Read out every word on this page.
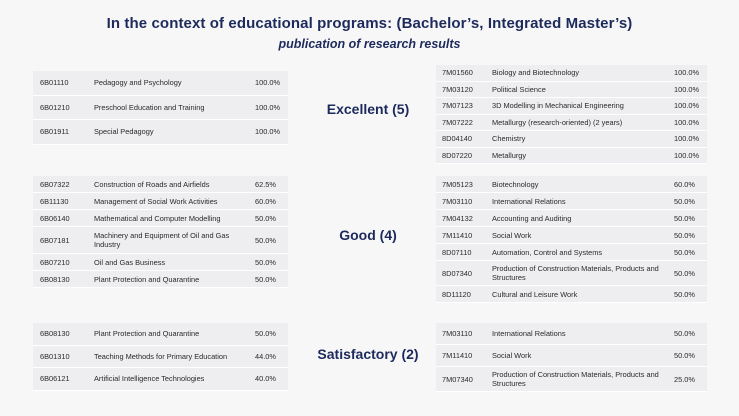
In the context of educational programs: (Bachelor’s, Integrated Master’s)
publication of research results
6B01110	Pedagogy and Psychology	100.0%
6B01210	Preschool Education and Training	100.0%
6B01911	Special Pedagogy	100.0%
Excellent (5)
7M01560	Biology and Biotechnology	100.0%
7M03120	Political Science	100.0%
7M07123	3D Modelling in Mechanical Engineering	100.0%
7M07222	Metallurgy (research-oriented) (2 years)	100.0%
8D04140	Chemistry	100.0%
8D07220	Metallurgy	100.0%
6B07322	Construction of Roads and Airfields	62.5%
6B11130	Management of Social Work Activities	60.0%
6B06140	Mathematical and Computer Modelling	50.0%
6B07181	Machinery and Equipment of Oil and Gas Industry	50.0%
6B07210	Oil and Gas Business	50.0%
6B08130	Plant Protection and Quarantine	50.0%
Good (4)
7M05123	Biotechnology	60.0%
7M03110	International Relations	50.0%
7M04132	Accounting and Auditing	50.0%
7M11410	Social Work	50.0%
8D07110	Automation, Control and Systems	50.0%
8D07340	Production of Construction Materials, Products and Structures	50.0%
8D11120	Cultural and Leisure Work	50.0%
6B08130	Plant Protection and Quarantine	50.0%
6B01310	Teaching Methods for Primary Education	44.0%
6B06121	Artificial Intelligence Technologies	40.0%
Satisfactory (2)
7M03110	International Relations	50.0%
7M11410	Social Work	50.0%
7M07340	Production of Construction Materials, Products and Structures	25.0%
